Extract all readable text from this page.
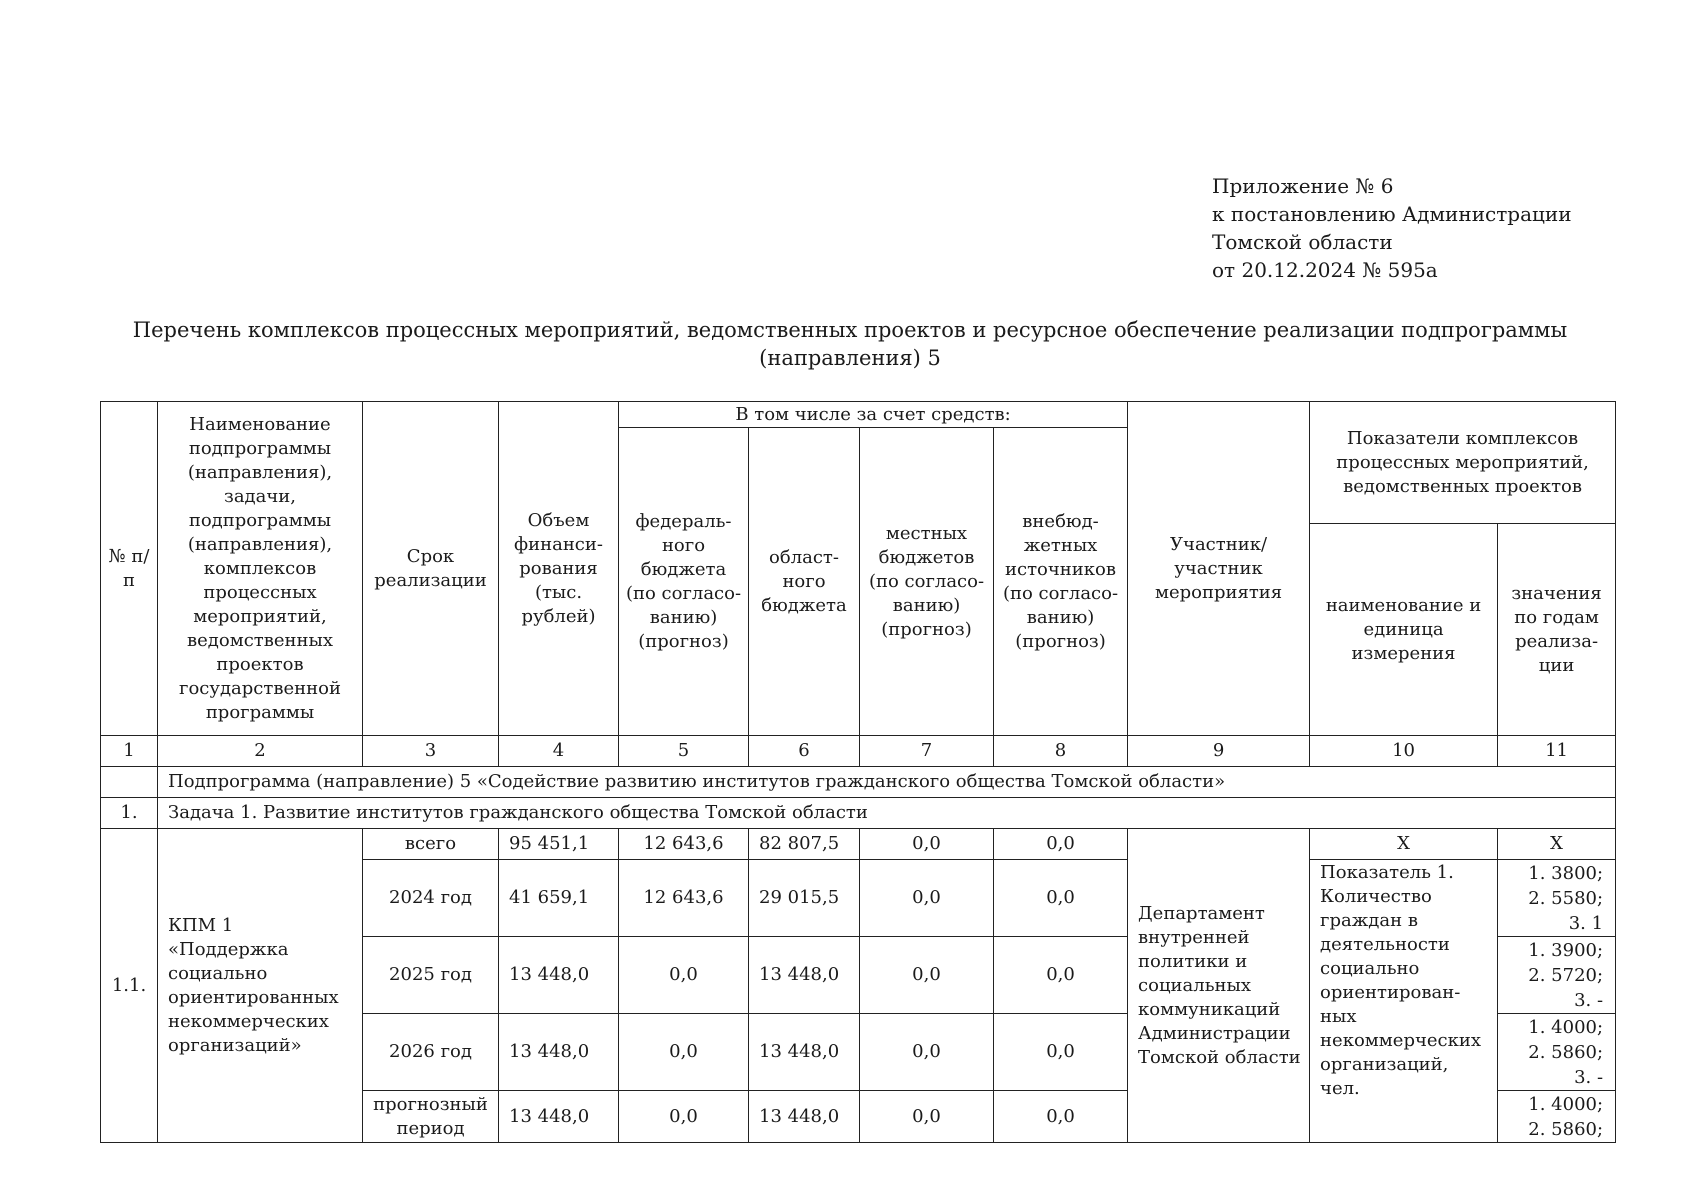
Приложение № 6
к постановлению Администрации
Томской области
от 20.12.2024 № 595а
Перечень комплексов процессных мероприятий, ведомственных проектов и ресурсное обеспечение реализации подпрограммы
(направления) 5
№ п/п	Наименование подпрограммы (направления), задачи, подпрограммы (направления), комплексов процессных мероприятий, ведомственных проектов государственной программы	Срок реализации	Объем финанси-рования (тыс. рублей)	В том числе за счет средств:				Участник/ участник мероприятия	Показатели комплексов процессных мероприятий, ведомственных проектов	
				федераль-ного бюджета (по согласо-ванию) (прогноз)	област-ного бюджета	местных бюджетов (по согласо-ванию) (прогноз)	внебюд-жетных источников (по согласо-ванию) (прогноз)			
									наименование и единица измерения	значения по годам реализа-ции
1	2	3	4	5	6	7	8	9	10	11
	Подпрограмма (направление) 5 «Содействие развитию институтов гражданского общества Томской области»									
1.	Задача 1. Развитие институтов гражданского общества Томской области									
1.1.	КПМ 1 «Поддержка социально ориентированных некоммерческих организаций»	всего	95 451,1	12 643,6	82 807,5	0,0	0,0	Департамент внутренней политики и социальных коммуникаций Администрации Томской области	Х	Х
		2024 год	41 659,1	12 643,6	29 015,5	0,0	0,0		Показатель 1. Количество граждан в деятельности социально ориентирован-ных некоммерческих организаций, чел.	1. 3800;
2. 5580;
3. 1

		2025 год	13 448,0	0,0	13 448,0	0,0	0,0			1. 3900;
2. 5720;
3. -

		2026 год	13 448,0	0,0	13 448,0	0,0	0,0			1. 4000;
2. 5860;
3. -

		прогнозный период	13 448,0	0,0	13 448,0	0,0	0,0			1. 4000;
2. 5860;
